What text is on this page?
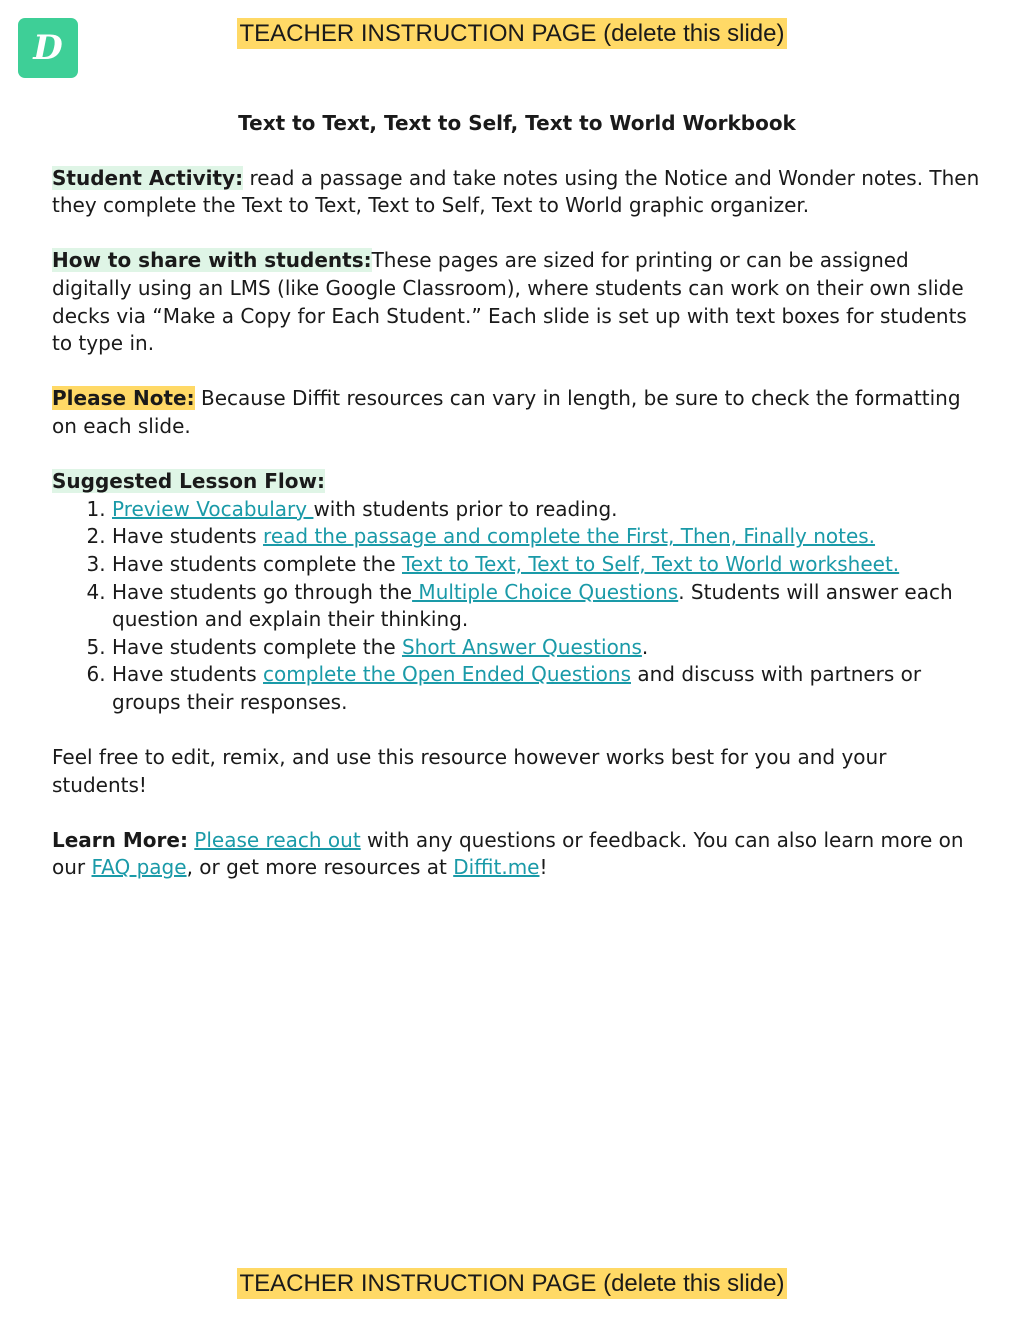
D	TEACHER INSTRUCTION PAGE (delete this slide)
Text to Text, Text to Self, Text to World Workbook

Student Activity: read a passage and take notes using the Notice and Wonder notes. Then they complete the Text to Text, Text to Self, Text to World graphic organizer.

How to share with students:These pages are sized for printing or can be assigned digitally using an LMS (like Google Classroom), where students can work on their own slide decks via “Make a Copy for Each Student.” Each slide is set up with text boxes for students to type in.

Please Note: Because Diffit resources can vary in length, be sure to check the formatting on each slide.

Suggested Lesson Flow:
1. Preview Vocabulary with students prior to reading.
2. Have students read the passage and complete the First, Then, Finally notes.
3. Have students complete the Text to Text, Text to Self, Text to World worksheet.
4. Have students go through the Multiple Choice Questions. Students will answer each question and explain their thinking.
5. Have students complete the Short Answer Questions.
6. Have students complete the Open Ended Questions and discuss with partners or groups their responses.

Feel free to edit, remix, and use this resource however works best for you and your students!

Learn More: Please reach out with any questions or feedback. You can also learn more on our FAQ page, or get more resources at Diffit.me!

TEACHER INSTRUCTION PAGE (delete this slide)
